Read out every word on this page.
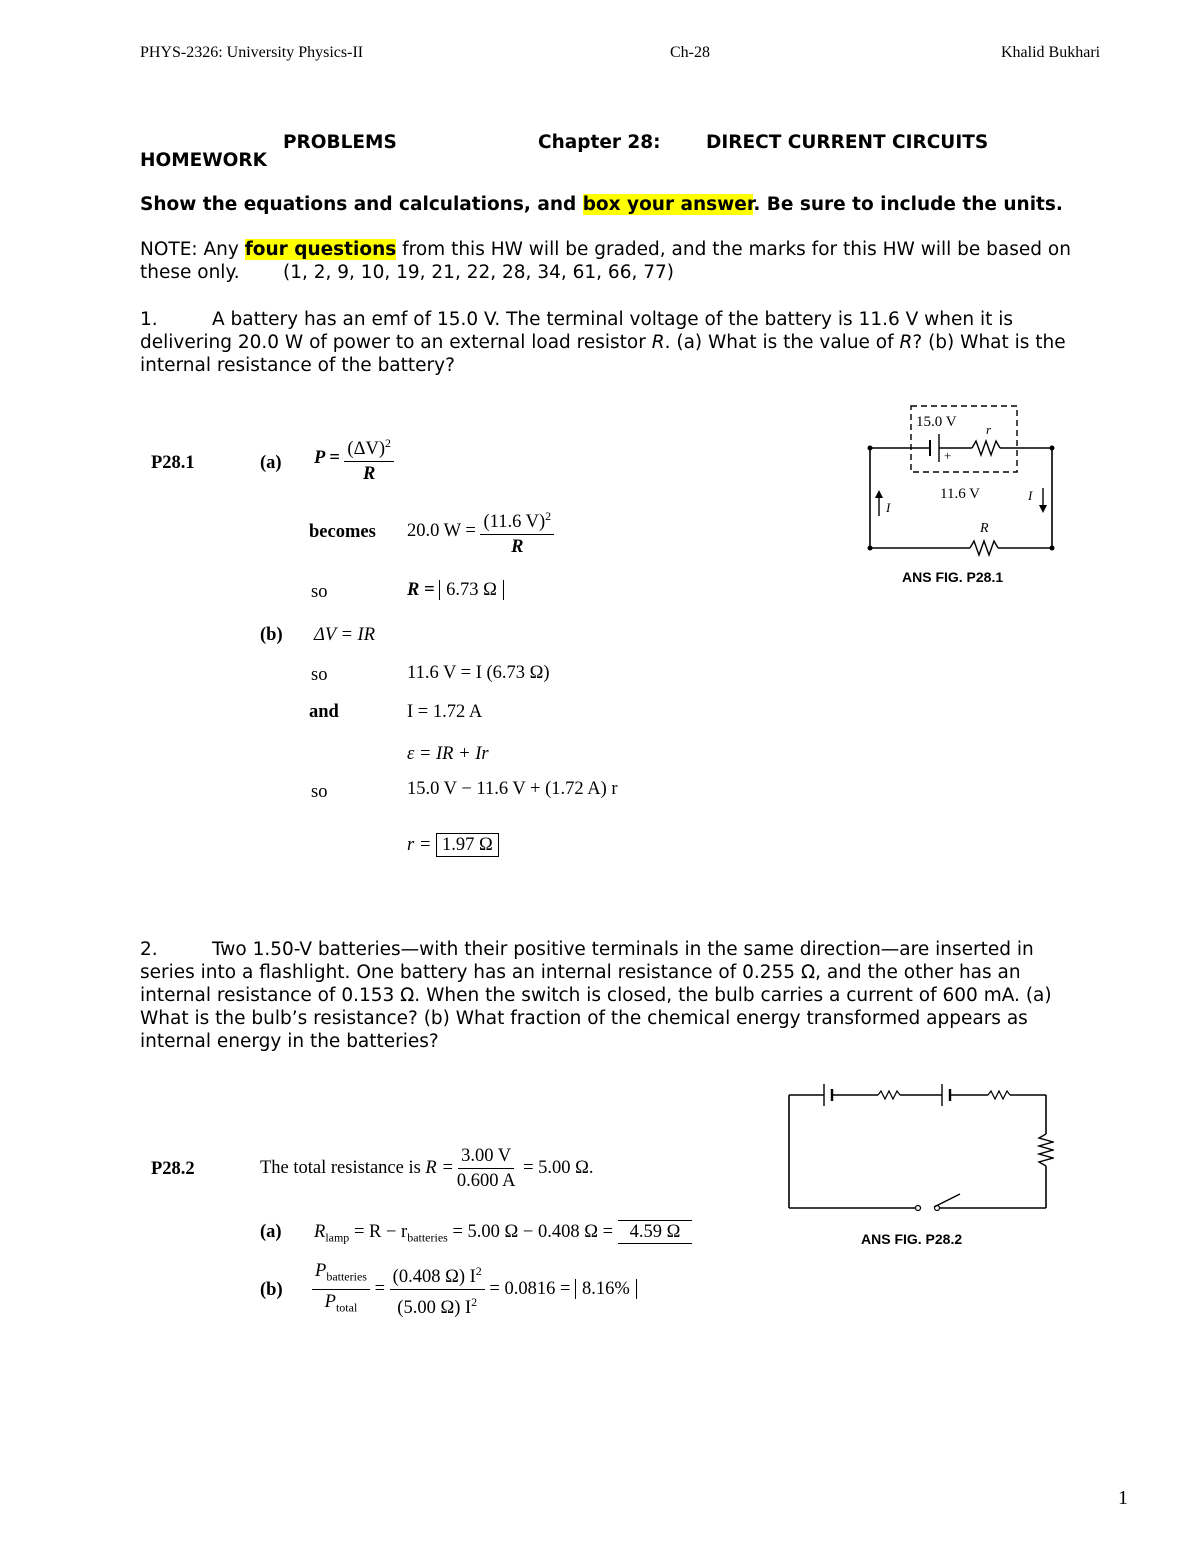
PHYS-2326: University Physics-II	Ch-28	Khalid Bukhari
PROBLEMS	Chapter 28: DIRECT CURRENT CIRCUITS
HOMEWORK
Show the equations and calculations, and box your answer. Be sure to include the units.
NOTE: Any four questions from this HW will be graded, and the marks for this HW will be based on
these only. (1, 2, 9, 10, 19, 21, 22, 28, 34, 61, 66, 77)
1.	A battery has an emf of 15.0 V. The terminal voltage of the battery is 11.6 V when it is
delivering 20.0 W of power to an external load resistor R. (a) What is the value of R? (b) What is the
internal resistance of the battery?
P28.1	(a) $P = \frac{(\Delta V)^2}{R}$
becomes 20.0 $W = \frac{(11.6 V)^2}{R}$
so	R = 6.73 Ω
(b) ΔV = IR
so	11.6 V = I (6.73 Ω)
and	I = 1.72 A
ε = IR + Ir
so	15.0 V − 11.6 V + (1.72 A) r
r = 1.97 Ω
15.0 V r
+
11.6 V
R
I
I
ANS FIG. P28.1
2.	Two 1.50-V batteries—with their positive terminals in the same direction—are inserted in
series into a flashlight. One battery has an internal resistance of 0.255 Ω, and the other has an
internal resistance of 0.153 Ω. When the switch is closed, the bulb carries a current of 600 mA. (a)
What is the bulb’s resistance? (b) What fraction of the chemical energy transformed appears as
internal energy in the batteries?
ANS FIG. P28.2
P28.2	The total resistance is $R = \frac{3.00 V}{0.600 A} = 5.00$ Ω.
(a) $R_{lamp} = R - r_{batteries} = 5.00$ Ω − 0.408 Ω = 4.59 Ω
$(b) \frac{P_{batteries}}{P_{total}} = \frac{(0.408 \Omega) I^2}{(5.00 \Omega) I^2} = 0.0816 = 8.16\%$
1
